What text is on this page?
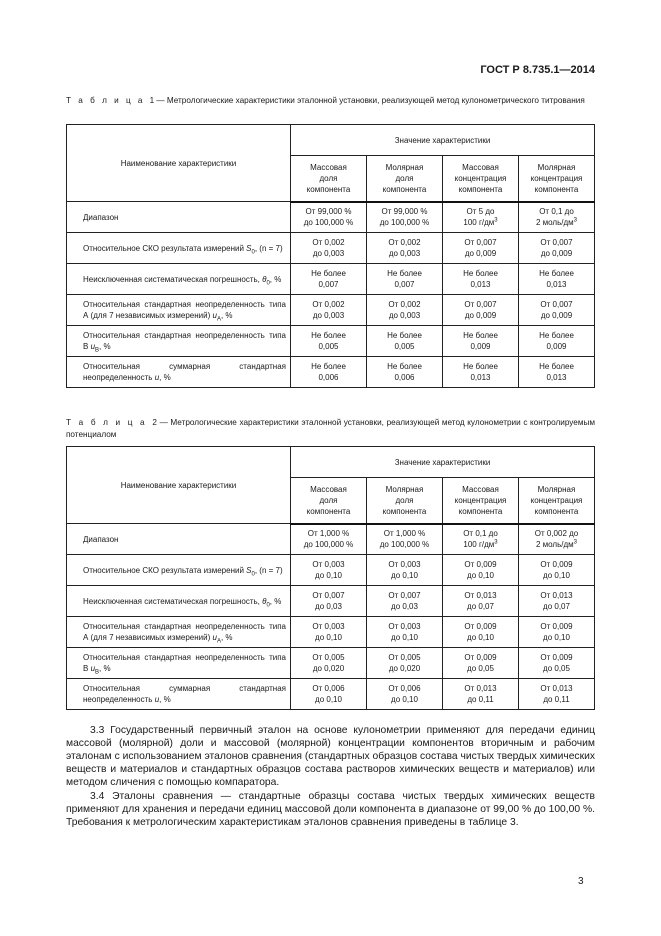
ГОСТ Р 8.735.1—2014
Т а б л и ц а 1 — Метрологические характеристики эталонной установки, реализующей метод кулонометрического титрования
Наименование характеристики	Значение характеристики			
	Массовая
доля
компонента	Молярная
доля
компонента	Массовая
концентрация
компонента	Молярная
концентрация
компонента

Диапазон	От 99,000 %
до 100,000 %	От 99,000 %
до 100,000 %	От 5 до
100 $г/дм^3$	От 0,1 до
2 моль/$дм^3$

Относительное СКО результата измерений $S_0$, (n = 7)	От 0,002
до 0,003	От 0,002
до 0,003	От 0,007
до 0,009	От 0,007
до 0,009

Неисключенная систематическая погрешность, $\theta_0$, %	Не более
0,007	Не более
0,007	Не более
0,013	Не более
0,013

Относительная стандартная неопределенность типа А (для 7 независимых измерений) $u_A$, %	От 0,002
до 0,003	От 0,002
до 0,003	От 0,007
до 0,009	От 0,007
до 0,009

Относительная стандартная неопределенность типа В $u_B$, %	Не более
0,005	Не более
0,005	Не более
0,009	Не более
0,009

Относительная суммарная стандартная неопределенность u, %	Не более
0,006	Не более
0,006	Не более
0,013	Не более
0,013
Т а б л и ц а 2 — Метрологические характеристики эталонной установки, реализующей метод кулонометрии с контролируемым потенциалом
Наименование характеристики	Значение характеристики			
	Массовая
доля
компонента	Молярная
доля
компонента	Массовая
концентрация
компонента	Молярная
концентрация
компонента

Диапазон	От 1,000 %
до 100,000 %	От 1,000 %
до 100,000 %	От 0,1 до
100 $г/дм^3$	От 0,002 до
2 моль/$дм^3$

Относительное СКО результата измерений $S_0$, (n = 7)	От 0,003
до 0,10	От 0,003
до 0,10	От 0,009
до 0,10	От 0,009
до 0,10

Неисключенная систематическая погрешность, $\theta_0$, %	От 0,007
до 0,03	От 0,007
до 0,03	От 0,013
до 0,07	От 0,013
до 0,07

Относительная стандартная неопределенность типа А (для 7 независимых измерений) $u_A$, %	От 0,003
до 0,10	От 0,003
до 0,10	От 0,009
до 0,10	От 0,009
до 0,10

Относительная стандартная неопределенность типа В $u_B$, %	От 0,005
до 0,020	От 0,005
до 0,020	От 0,009
до 0,05	От 0,009
до 0,05

Относительная суммарная стандартная неопределенность u, %	От 0,006
до 0,10	От 0,006
до 0,10	От 0,013
до 0,11	От 0,013
до 0,11

3.3 Государственный первичный эталон на основе кулонометрии применяют для передачи единиц массовой (молярной) доли и массовой (молярной) концентрации компонентов вторичным и рабочим эталонам с использованием эталонов сравнения (стандартных образцов состава чистых твердых химических веществ и материалов и стандартных образцов состава растворов химических веществ и материалов) или методом сличения с помощью компаратора.

3.4 Эталоны сравнения — стандартные образцы состава чистых твердых химических веществ применяют для хранения и передачи единиц массовой доли компонента в диапазоне от 99,00 % до 100,00 %. Требования к метрологическим характеристикам эталонов сравнения приведены в таблице 3.

3
